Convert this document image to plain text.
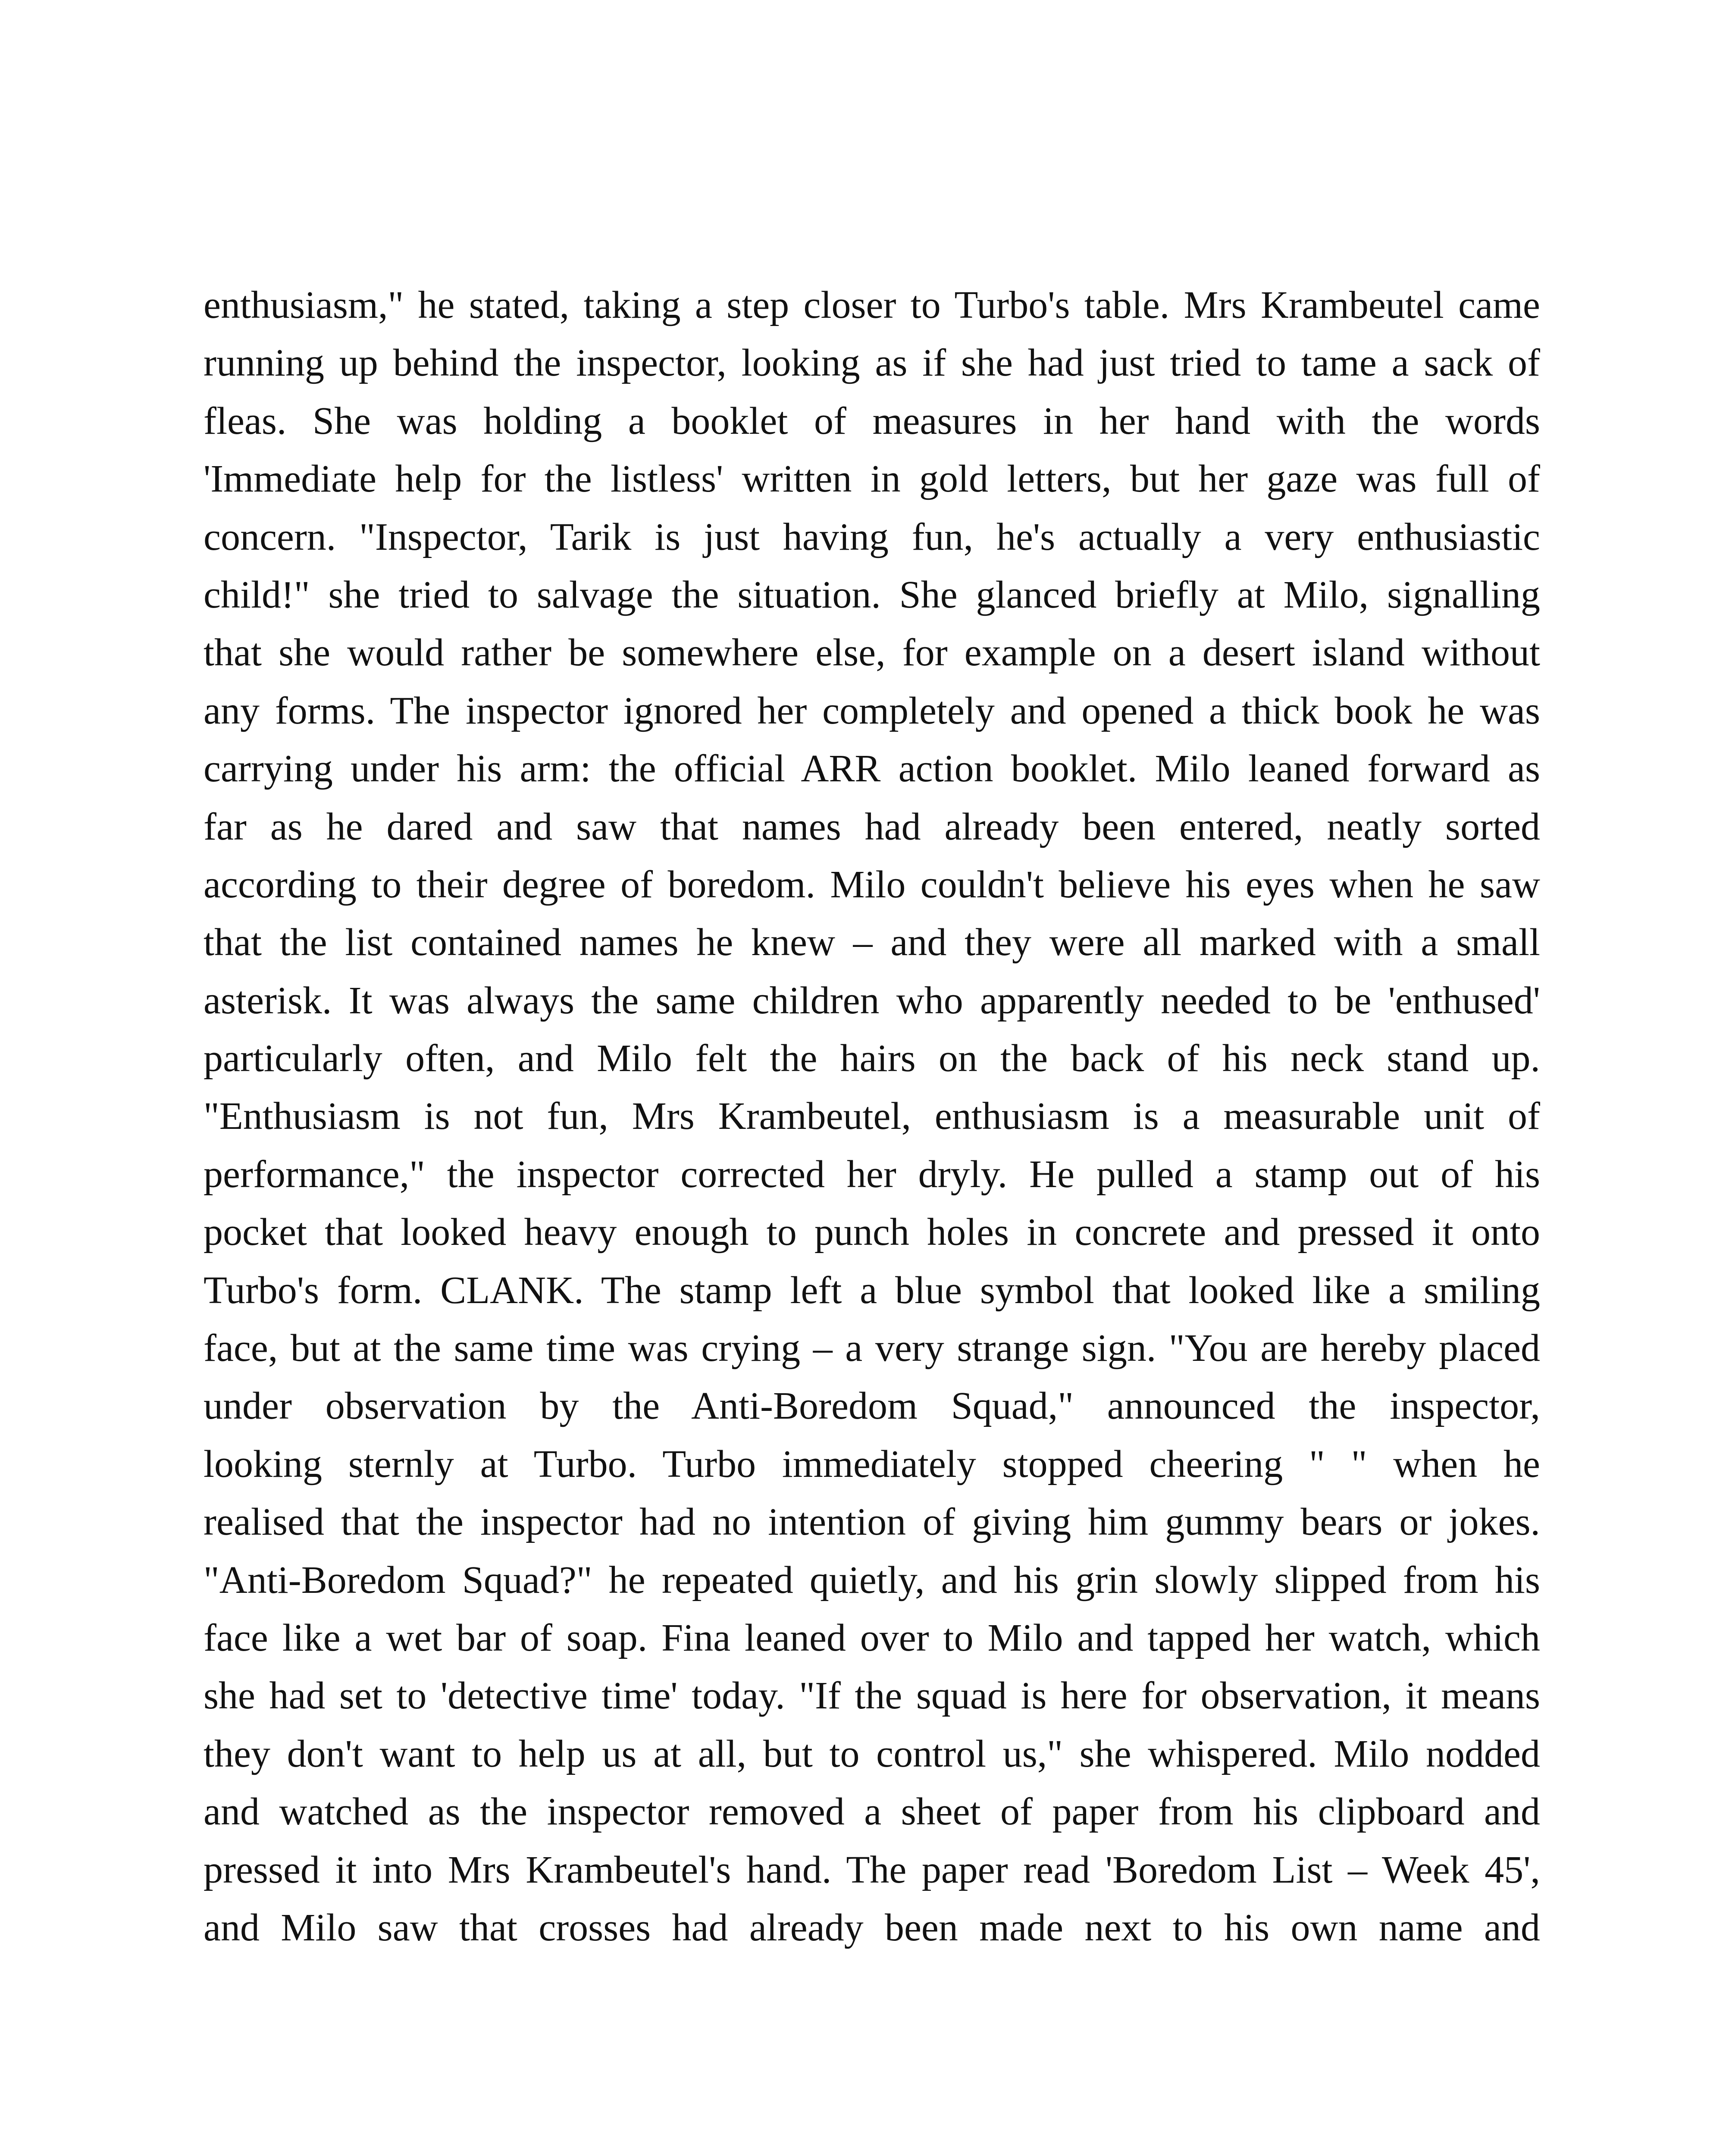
enthusiasm," he stated, taking a step closer to Turbo's table. Mrs Krambeutel came
running up behind the inspector, looking as if she had just tried to tame a sack of
fleas. She was holding a booklet of measures in her hand with the words
'Immediate help for the listless' written in gold letters, but her gaze was full of
concern. "Inspector, Tarik is just having fun, he's actually a very enthusiastic
child!" she tried to salvage the situation. She glanced briefly at Milo, signalling
that she would rather be somewhere else, for example on a desert island without
any forms. The inspector ignored her completely and opened a thick book he was
carrying under his arm: the official ARR action booklet. Milo leaned forward as
far as he dared and saw that names had already been entered, neatly sorted
according to their degree of boredom. Milo couldn't believe his eyes when he saw
that the list contained names he knew – and they were all marked with a small
asterisk. It was always the same children who apparently needed to be 'enthused'
particularly often, and Milo felt the hairs on the back of his neck stand up.
"Enthusiasm is not fun, Mrs Krambeutel, enthusiasm is a measurable unit of
performance," the inspector corrected her dryly. He pulled a stamp out of his
pocket that looked heavy enough to punch holes in concrete and pressed it onto
Turbo's form. CLANK. The stamp left a blue symbol that looked like a smiling
face, but at the same time was crying – a very strange sign. "You are hereby placed
under observation by the Anti-Boredom Squad," announced the inspector,
looking sternly at Turbo. Turbo immediately stopped cheering " " when he
realised that the inspector had no intention of giving him gummy bears or jokes.
"Anti-Boredom Squad?" he repeated quietly, and his grin slowly slipped from his
face like a wet bar of soap. Fina leaned over to Milo and tapped her watch, which
she had set to 'detective time' today. "If the squad is here for observation, it means
they don't want to help us at all, but to control us," she whispered. Milo nodded
and watched as the inspector removed a sheet of paper from his clipboard and
pressed it into Mrs Krambeutel's hand. The paper read 'Boredom List – Week 45',
and Milo saw that crosses had already been made next to his own name and
